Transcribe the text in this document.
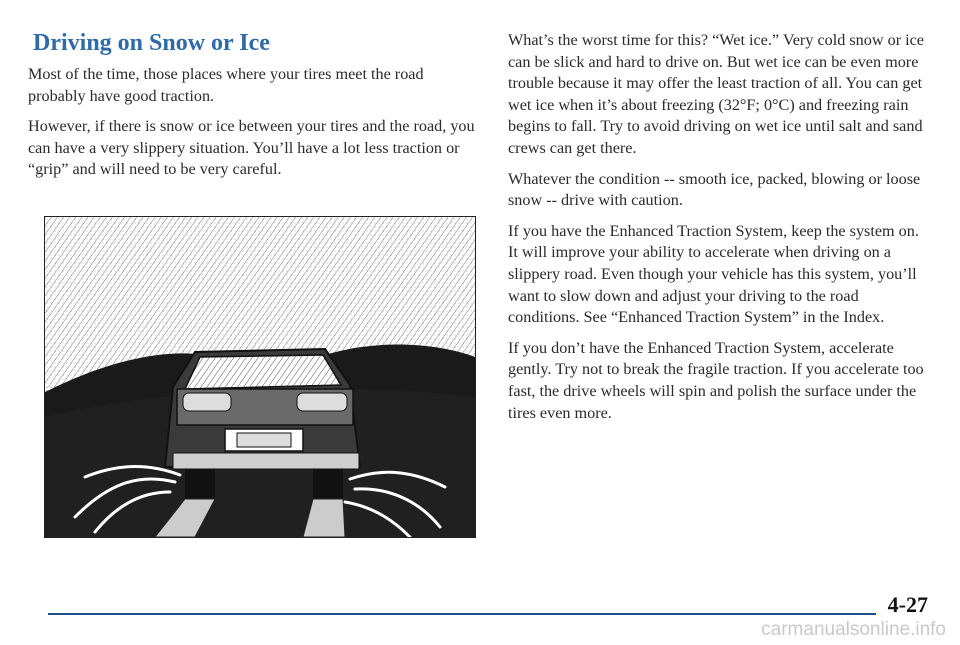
Driving on Snow or Ice

Most of the time, those places where your tires meet the road probably have good traction.

However, if there is snow or ice between your tires and the road, you can have a very slippery situation. You’ll have a lot less traction or “grip” and will need to be very careful.

What’s the worst time for this? “Wet ice.” Very cold snow or ice can be slick and hard to drive on. But wet ice can be even more trouble because it may offer the least traction of all. You can get wet ice when it’s about freezing (32°F; 0°C) and freezing rain begins to fall. Try to avoid driving on wet ice until salt and sand crews can get there.

Whatever the condition -- smooth ice, packed, blowing or loose snow -- drive with caution.

If you have the Enhanced Traction System, keep the system on. It will improve your ability to accelerate when driving on a slippery road. Even though your vehicle has this system, you’ll want to slow down and adjust your driving to the road conditions. See “Enhanced Traction System” in the Index.

If you don’t have the Enhanced Traction System, accelerate gently. Try not to break the fragile traction. If you accelerate too fast, the drive wheels will spin and polish the surface under the tires even more.

4-27
carmanualsonline.info
